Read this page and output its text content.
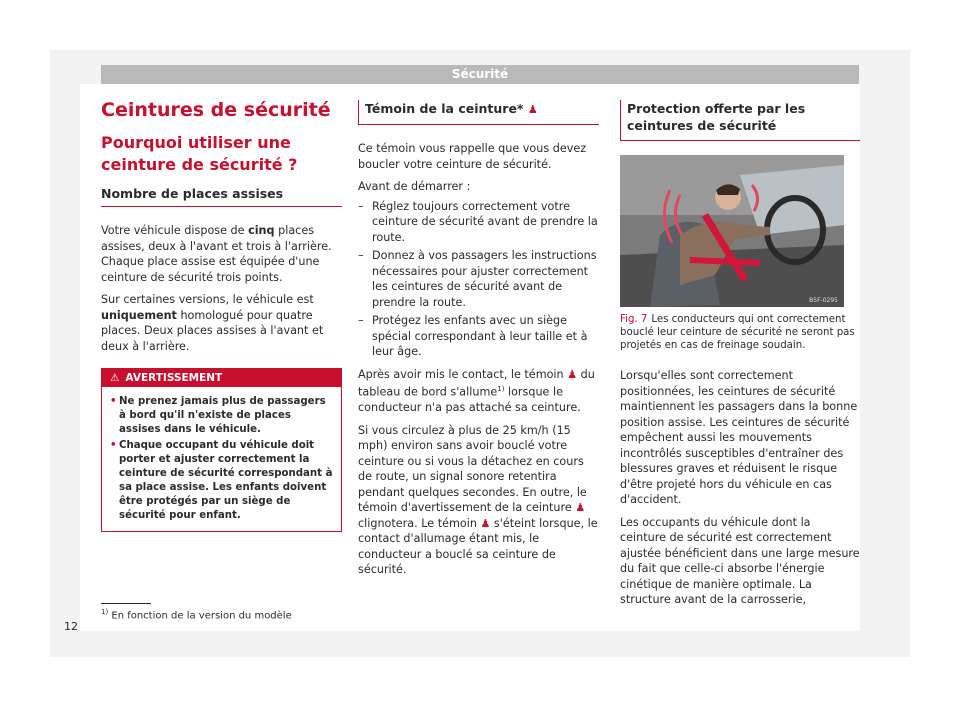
Sécurité
Ceintures de sécurité
Pourquoi utiliser une ceinture de sécurité ?
Nombre de places assises

Votre véhicule dispose de cinq places assises, deux à l'avant et trois à l'arrière. Chaque place assise est équipée d'une ceinture de sécurité trois points.

Sur certaines versions, le véhicule est uniquement homologué pour quatre places. Deux places assises à l'avant et deux à l'arrière.

⚠ AVERTISSEMENT
• Ne prenez jamais plus de passagers à bord qu'il n'existe de places assises dans le véhicule.
• Chaque occupant du véhicule doit porter et ajuster correctement la ceinture de sécurité correspondant à sa place assise. Les enfants doivent être protégés par un siège de sécurité pour enfant.
Témoin de la ceinture* ♟

Ce témoin vous rappelle que vous devez boucler votre ceinture de sécurité.

Avant de démarrer :

– Réglez toujours correctement votre ceinture de sécurité avant de prendre la route.
– Donnez à vos passagers les instructions nécessaires pour ajuster correctement les ceintures de sécurité avant de prendre la route.
– Protégez les enfants avec un siège spécial correspondant à leur taille et à leur âge.

Après avoir mis le contact, le témoin ♟ du tableau de bord s'allume$^{1)}$ lorsque le conducteur n'a pas attaché sa ceinture.

Si vous circulez à plus de 25 km/h (15 mph) environ sans avoir bouclé votre ceinture ou si vous la détachez en cours de route, un signal sonore retentira pendant quelques secondes. En outre, le témoin d'avertissement de la ceinture ♟ clignotera. Le témoin ♟ s'éteint lorsque, le contact d'allumage étant mis, le conducteur a bouclé sa ceinture de sécurité.

Protection offerte par les ceintures de sécurité
B5F-0295
Fig. 7 Les conducteurs qui ont correctement bouclé leur ceinture de sécurité ne seront pas projetés en cas de freinage soudain.

Lorsqu'elles sont correctement positionnées, les ceintures de sécurité maintiennent les passagers dans la bonne position assise. Les ceintures de sécurité empêchent aussi les mouvements incontrôlés susceptibles d'entraîner des blessures graves et réduisent le risque d'être projeté hors du véhicule en cas d'accident.

Les occupants du véhicule dont la ceinture de sécurité est correctement ajustée bénéficient dans une large mesure du fait que celle-ci absorbe l'énergie cinétique de manière optimale. La structure avant de la carrosserie,

$^{1)}$ En fonction de la version du modèle
12
